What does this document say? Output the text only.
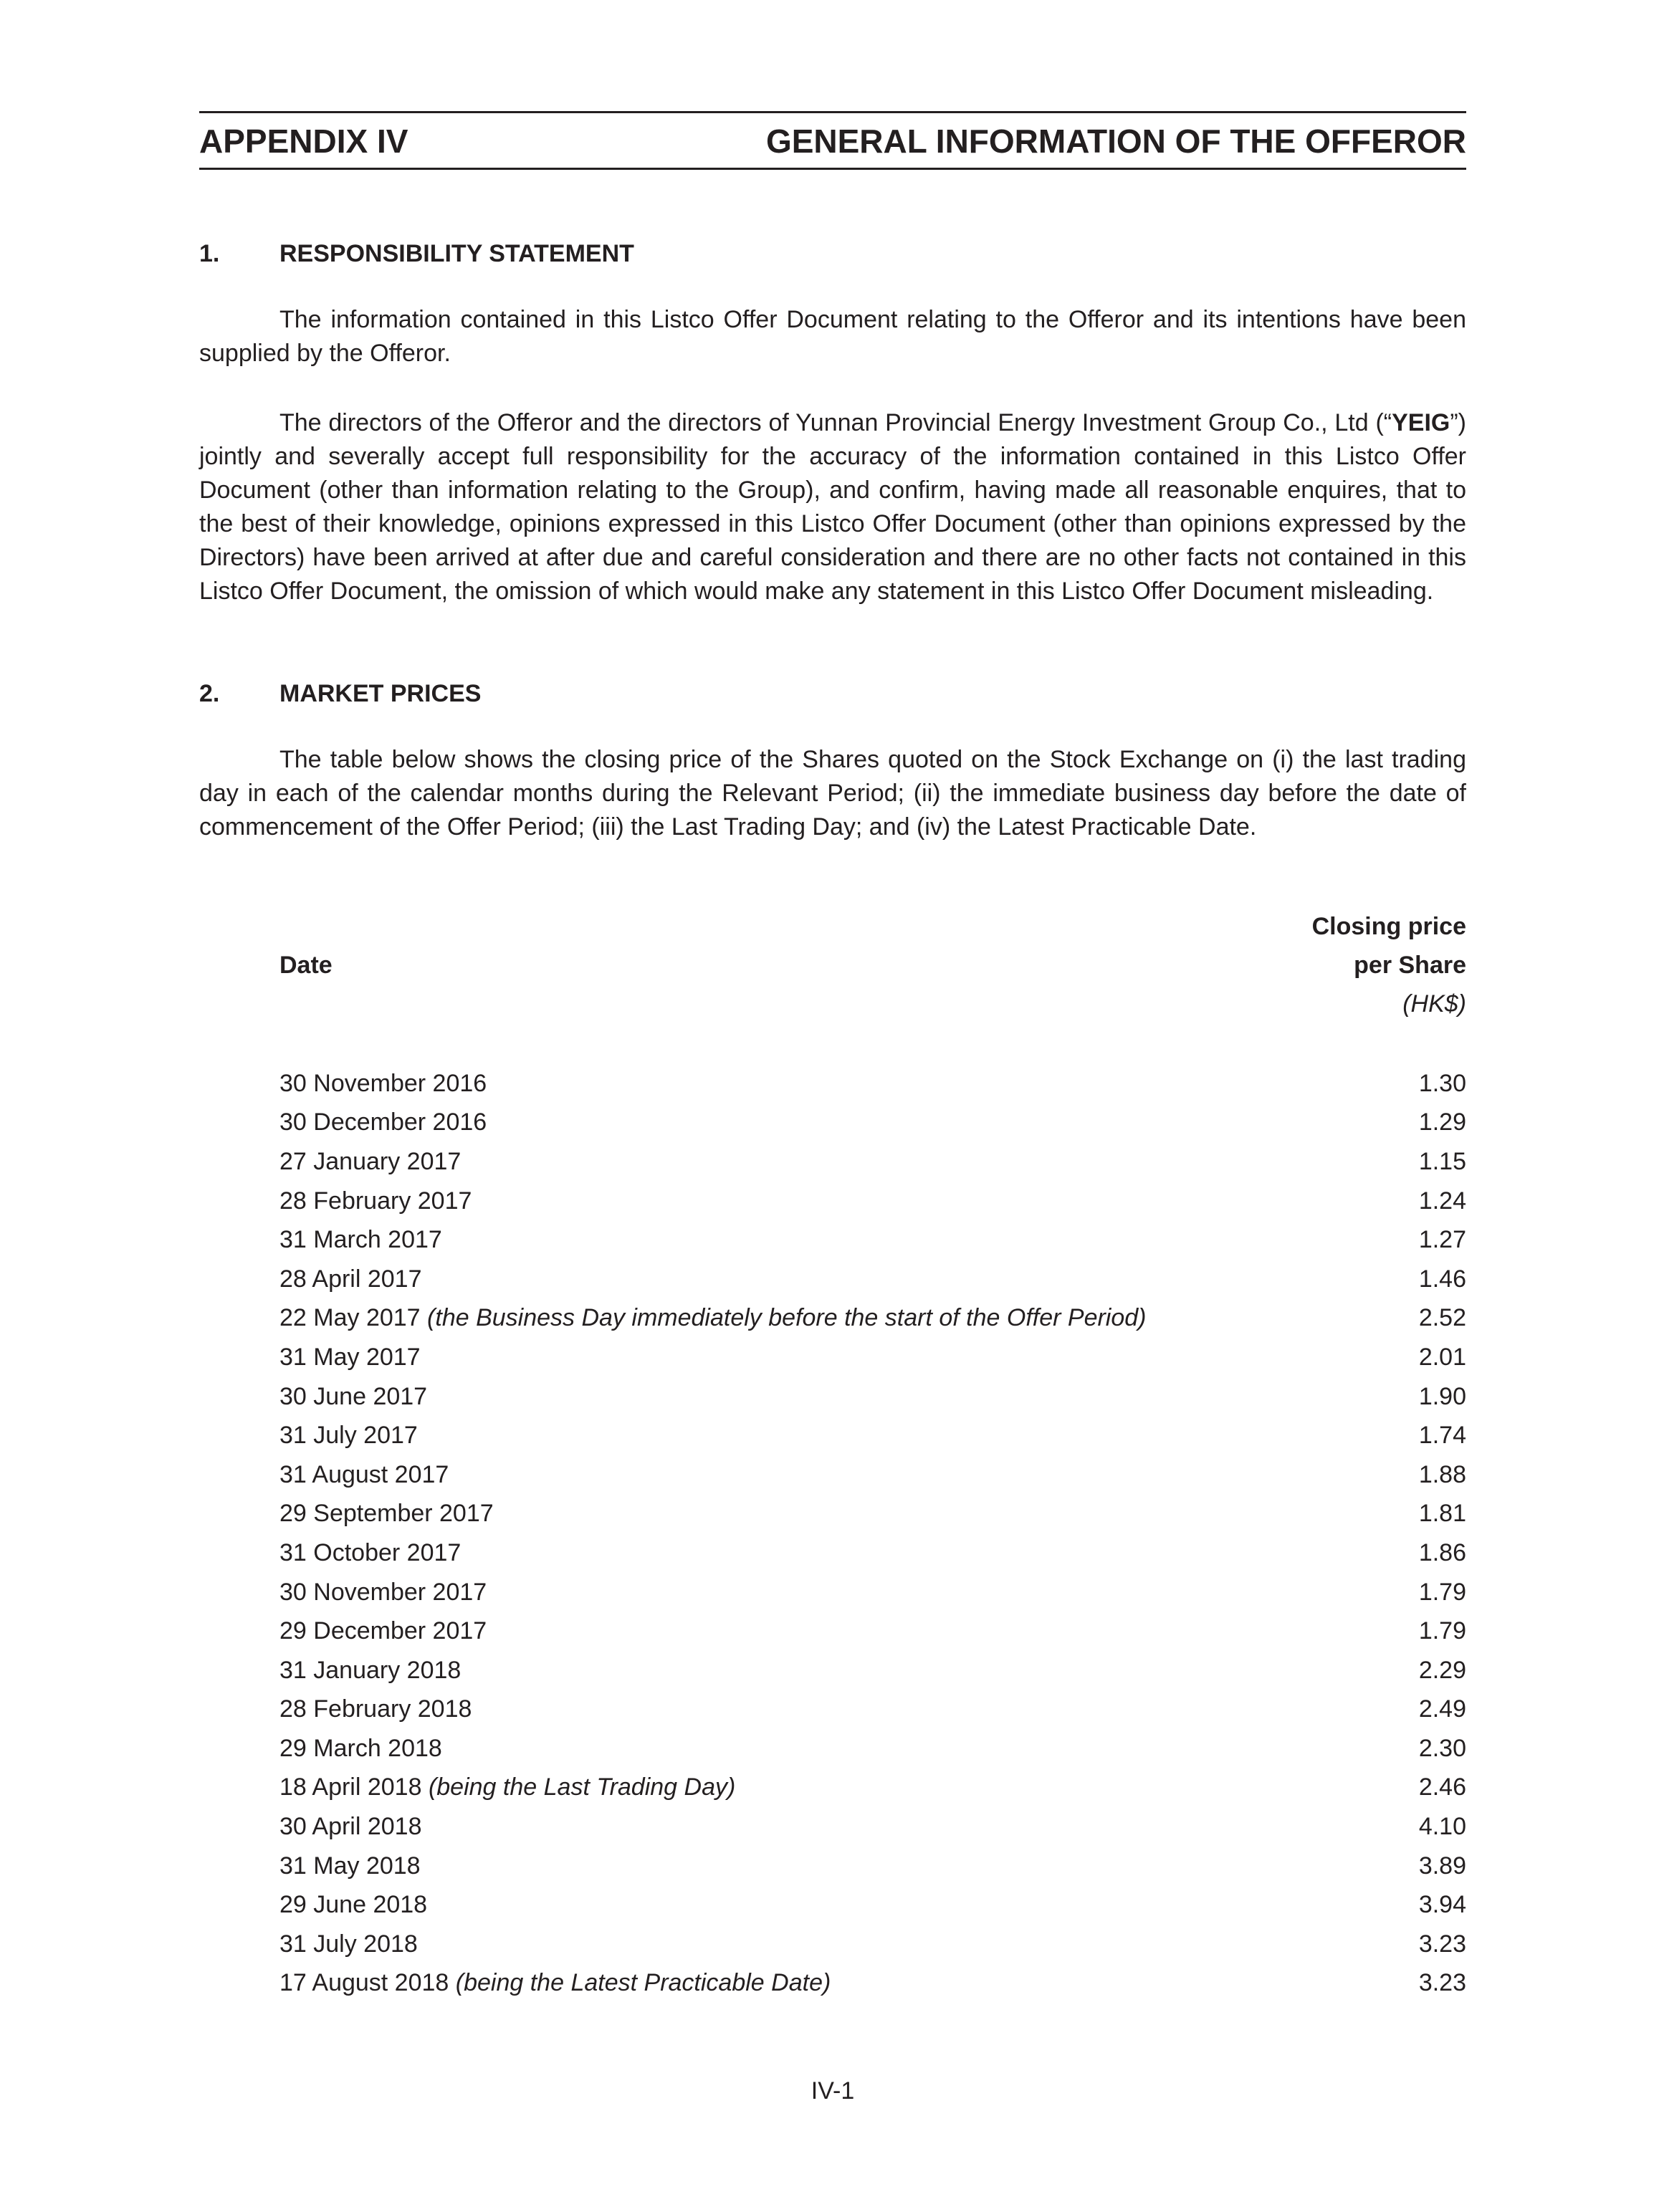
APPENDIX IV	GENERAL INFORMATION OF THE OFFEROR
1. RESPONSIBILITY STATEMENT
The information contained in this Listco Offer Document relating to the Offeror and its intentions have been supplied by the Offeror.
The directors of the Offeror and the directors of Yunnan Provincial Energy Investment Group Co., Ltd (“YEIG”) jointly and severally accept full responsibility for the accuracy of the information contained in this Listco Offer Document (other than information relating to the Group), and confirm, having made all reasonable enquires, that to the best of their knowledge, opinions expressed in this Listco Offer Document (other than opinions expressed by the Directors) have been arrived at after due and careful consideration and there are no other facts not contained in this Listco Offer Document, the omission of which would make any statement in this Listco Offer Document misleading.
2. MARKET PRICES
The table below shows the closing price of the Shares quoted on the Stock Exchange on (i) the last trading day in each of the calendar months during the Relevant Period; (ii) the immediate business day before the date of commencement of the Offer Period; (iii) the Last Trading Day; and (iv) the Latest Practicable Date.
Date
Closing price
per Share
(HK$)
30 November 2016	1.30
30 December 2016	1.29
27 January 2017	1.15
28 February 2017	1.24
31 March 2017	1.27
28 April 2017	1.46
22 May 2017 (the Business Day immediately before the start of the Offer Period)	2.52
31 May 2017	2.01
30 June 2017	1.90
31 July 2017	1.74
31 August 2017	1.88
29 September 2017	1.81
31 October 2017	1.86
30 November 2017	1.79
29 December 2017	1.79
31 January 2018	2.29
28 February 2018	2.49
29 March 2018	2.30
18 April 2018 (being the Last Trading Day)	2.46
30 April 2018	4.10
31 May 2018	3.89
29 June 2018	3.94
31 July 2018	3.23
17 August 2018 (being the Latest Practicable Date)	3.23
IV-1
